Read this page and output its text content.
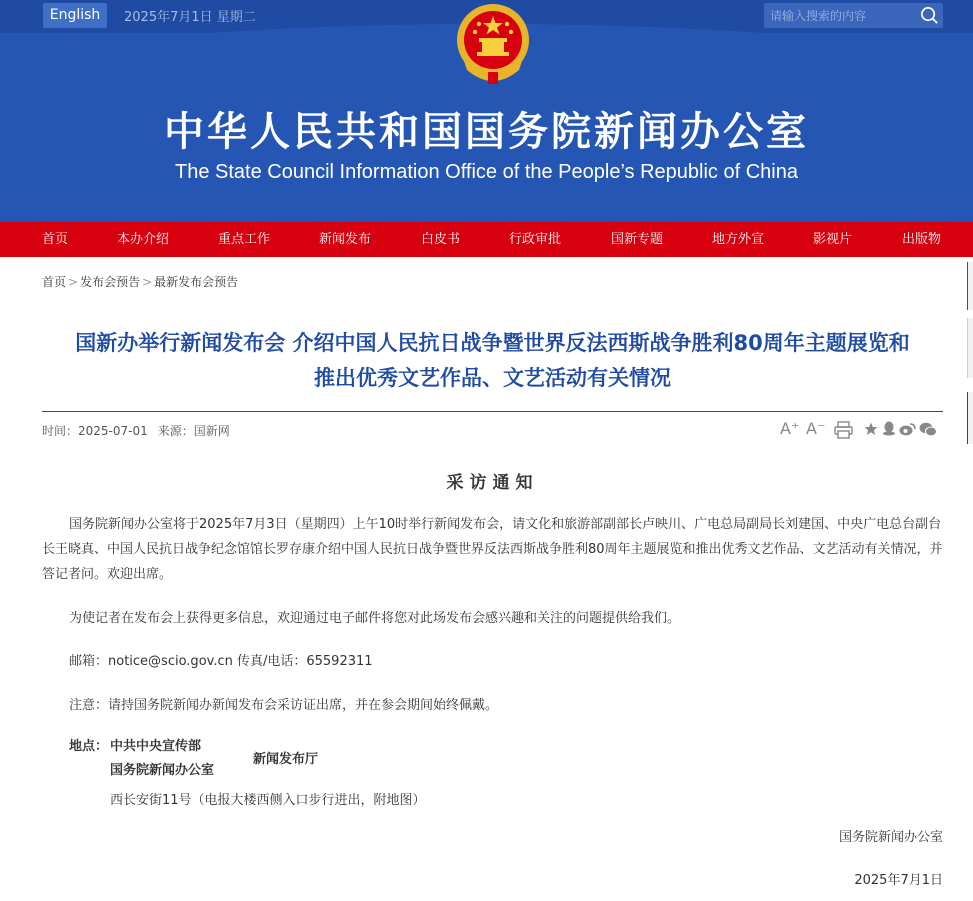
English	2025年7月1日 星期二
请输入搜索的内容
中华人民共和国国务院新闻办公室
The State Council Information Office of the People’s Republic of China
首页	本办介绍	重点工作	新闻发布	白皮书	行政审批	国新专题	地方外宣	影视片	出版物
首页 > 发布会预告 > 最新发布会预告
国新办举行新闻发布会 介绍中国人民抗日战争暨世界反法西斯战争胜利80周年主题展览和
推出优秀文艺作品、文艺活动有关情况
时间：2025-07-01 来源：国新网	A⁺ A⁻
采访通知
国务院新闻办公室将于2025年7月3日（星期四）上午10时举行新闻发布会，请文化和旅游部副部长卢映川、广电总局副局长刘建国、中央广电总台副台长王晓真、中国人民抗日战争纪念馆馆长罗存康介绍中国人民抗日战争暨世界反法西斯战争胜利80周年主题展览和推出优秀文艺作品、文艺活动有关情况，并答记者问。欢迎出席。
为使记者在发布会上获得更多信息，欢迎通过电子邮件将您对此场发布会感兴趣和关注的问题提供给我们。
邮箱：notice@scio.gov.cn 传真/电话：65592311
注意：请持国务院新闻办新闻发布会采访证出席，并在参会期间始终佩戴。
地点： 中共中央宣传部
国务院新闻办公室
新闻发布厅
西长安街11号（电报大楼西侧入口步行进出，附地图）
国务院新闻办公室
2025年7月1日
